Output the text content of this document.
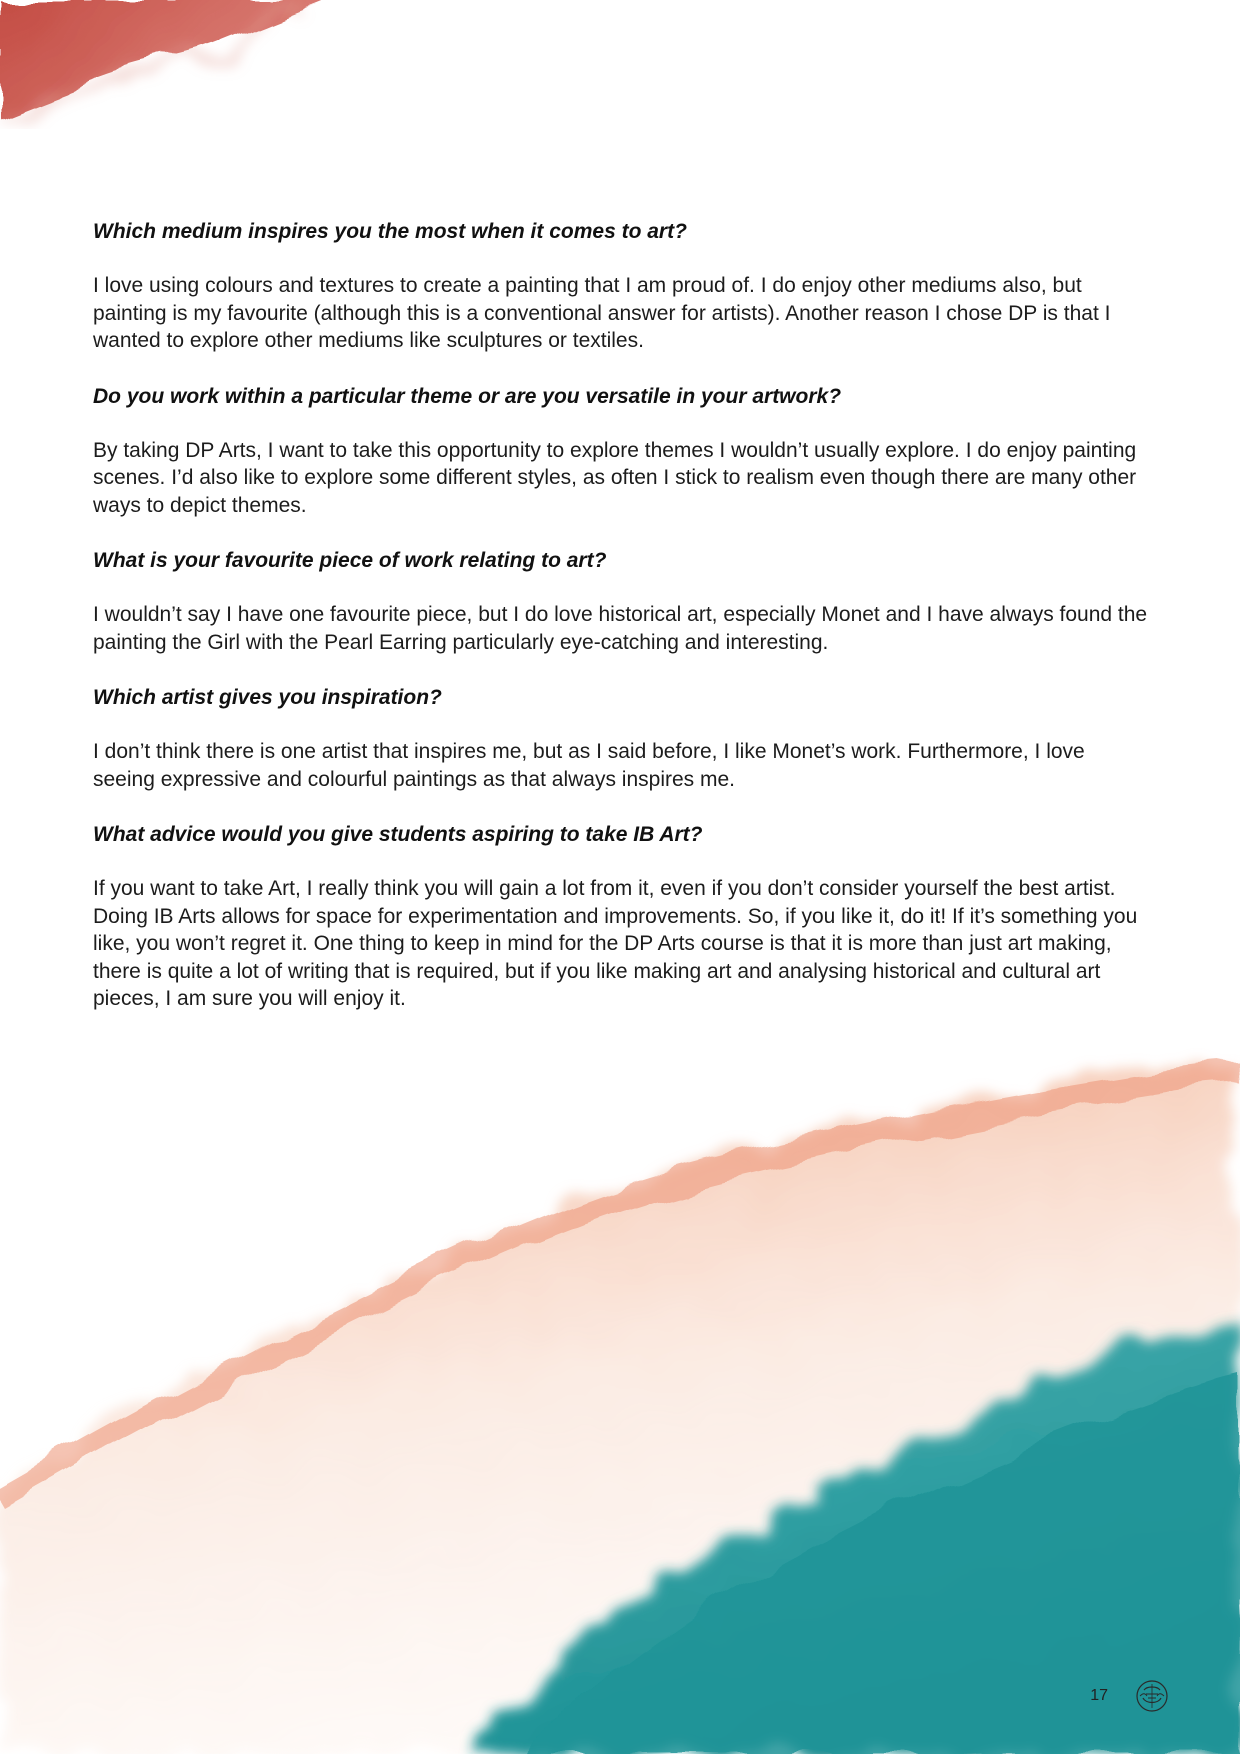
Which medium inspires you the most when it comes to art?

I love using colours and textures to create a painting that I am proud of. I do enjoy other mediums also, but painting is my favourite (although this is a conventional answer for artists). Another reason I chose DP is that I wanted to explore other mediums like sculptures or textiles.

Do you work within a particular theme or are you versatile in your artwork?

By taking DP Arts, I want to take this opportunity to explore themes I wouldn’t usually explore. I do enjoy painting scenes. I’d also like to explore some different styles, as often I stick to realism even though there are many other ways to depict themes.

What is your favourite piece of work relating to art?

I wouldn’t say I have one favourite piece, but I do love historical art, especially Monet and I have always found the painting the Girl with the Pearl Earring particularly eye-catching and interesting.

Which artist gives you inspiration?

I don’t think there is one artist that inspires me, but as I said before, I like Monet’s work. Furthermore, I love seeing expressive and colourful paintings as that always inspires me.

What advice would you give students aspiring to take IB Art?

If you want to take Art, I really think you will gain a lot from it, even if you don’t consider yourself the best artist. Doing IB Arts allows for space for experimentation and improvements. So, if you like it, do it! If it’s something you like, you won’t regret it. One thing to keep in mind for the DP Arts course is that it is more than just art making, there is quite a lot of writing that is required, but if you like making art and analysing historical and cultural art pieces, I am sure you will enjoy it.

17
